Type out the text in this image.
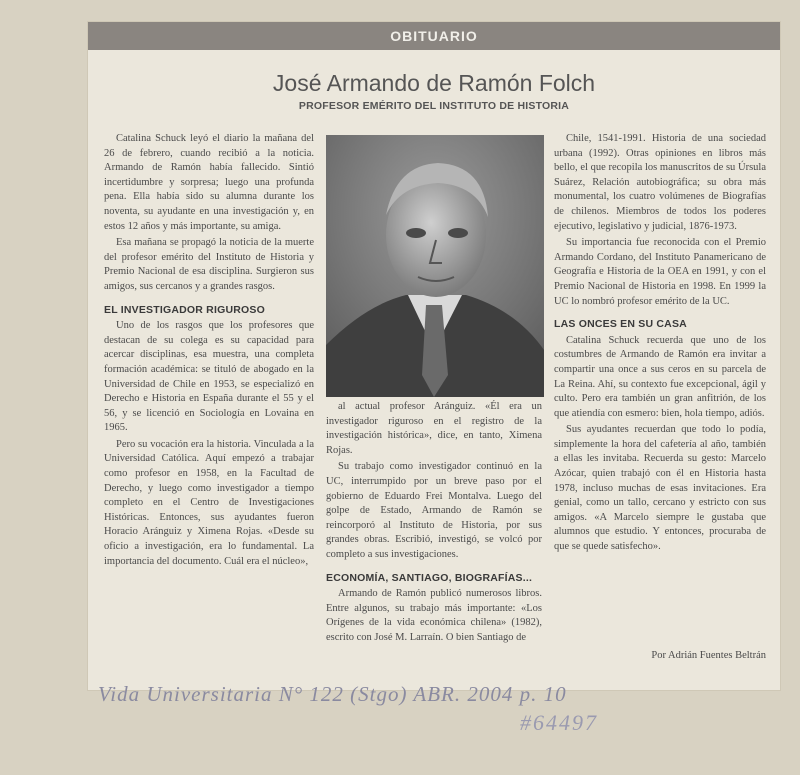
OBITUARIO
José Armando de Ramón Folch
PROFESOR EMÉRITO DEL INSTITUTO DE HISTORIA

Catalina Schuck leyó el diario la mañana del 26 de febrero, cuando recibió a la noticia. Armando de Ramón había fallecido. Sintió incertidumbre y sorpresa; luego una profunda pena. Ella había sido su alumna durante los noventa, su ayudante en una investigación y, en estos 12 años y más importante, su amiga.

Esa mañana se propagó la noticia de la muerte del profesor emérito del Instituto de Historia y Premio Nacional de esa disciplina. Surgieron sus amigos, sus cercanos y a grandes rasgos.

EL INVESTIGADOR RIGUROSO

Uno de los rasgos que los profesores que destacan de su colega es su capacidad para acercar disciplinas, esa muestra, una completa formación académica: se tituló de abogado en la Universidad de Chile en 1953, se especializó en Derecho e Historia en España durante el 55 y el 56, y se licenció en Sociología en Lovaina en 1965.

Pero su vocación era la historia. Vinculada a la Universidad Católica. Aquí empezó a trabajar como profesor en 1958, en la Facultad de Derecho, y luego como investigador a tiempo completo en el Centro de Investigaciones Históricas. Entonces, sus ayudantes fueron Horacio Aránguiz y Ximena Rojas. «Desde su oficio a investigación, era lo fundamental. La importancia del documento. Cuál era el núcleo»,

al actual profesor Aránguiz. «Él era un investigador riguroso en el registro de la investigación histórica», dice, en tanto, Ximena Rojas.

Su trabajo como investigador continuó en la UC, interrumpido por un breve paso por el gobierno de Eduardo Frei Montalva. Luego del golpe de Estado, Armando de Ramón se reincorporó al Instituto de Historia, por sus grandes obras. Escribió, investigó, se volcó por completo a sus investigaciones.

ECONOMÍA, SANTIAGO, BIOGRAFÍAS...

Armando de Ramón publicó numerosos libros. Entre algunos, su trabajo más importante: «Los Orígenes de la vida económica chilena» (1982), escrito con José M. Larraín. O bien Santiago de

Chile, 1541-1991. Historia de una sociedad urbana (1992). Otras opiniones en libros más bello, el que recopila los manuscritos de su Úrsula Suárez, Relación autobiográfica; su obra más monumental, los cuatro volúmenes de Biografías de chilenos. Miembros de todos los poderes ejecutivo, legislativo y judicial, 1876-1973.

Su importancia fue reconocida con el Premio Armando Cordano, del Instituto Panamericano de Geografía e Historia de la OEA en 1991, y con el Premio Nacional de Historia en 1998. En 1999 la UC lo nombró profesor emérito de la UC.

LAS ONCES EN SU CASA

Catalina Schuck recuerda que uno de los costumbres de Armando de Ramón era invitar a compartir una once a sus ceros en su parcela de La Reina. Ahí, su contexto fue excepcional, ágil y culto. Pero era también un gran anfitrión, de los que atiendía con esmero: bien, hola tiempo, adiós.

Sus ayudantes recuerdan que todo lo podía, simplemente la hora del cafetería al año, también a ellas les invitaba. Recuerda su gesto: Marcelo Azócar, quien trabajó con él en Historia hasta 1978, incluso muchas de esas invitaciones. Era genial, como un tallo, cercano y estricto con sus amigos. «A Marcelo siempre le gustaba que alumnos que estudio. Y entonces, procuraba de que se quede satisfecho».

Por Adrián Fuentes Beltrán
Vida Universitaria N° 122 (Stgo) ABR. 2004 p. 10
#64497
